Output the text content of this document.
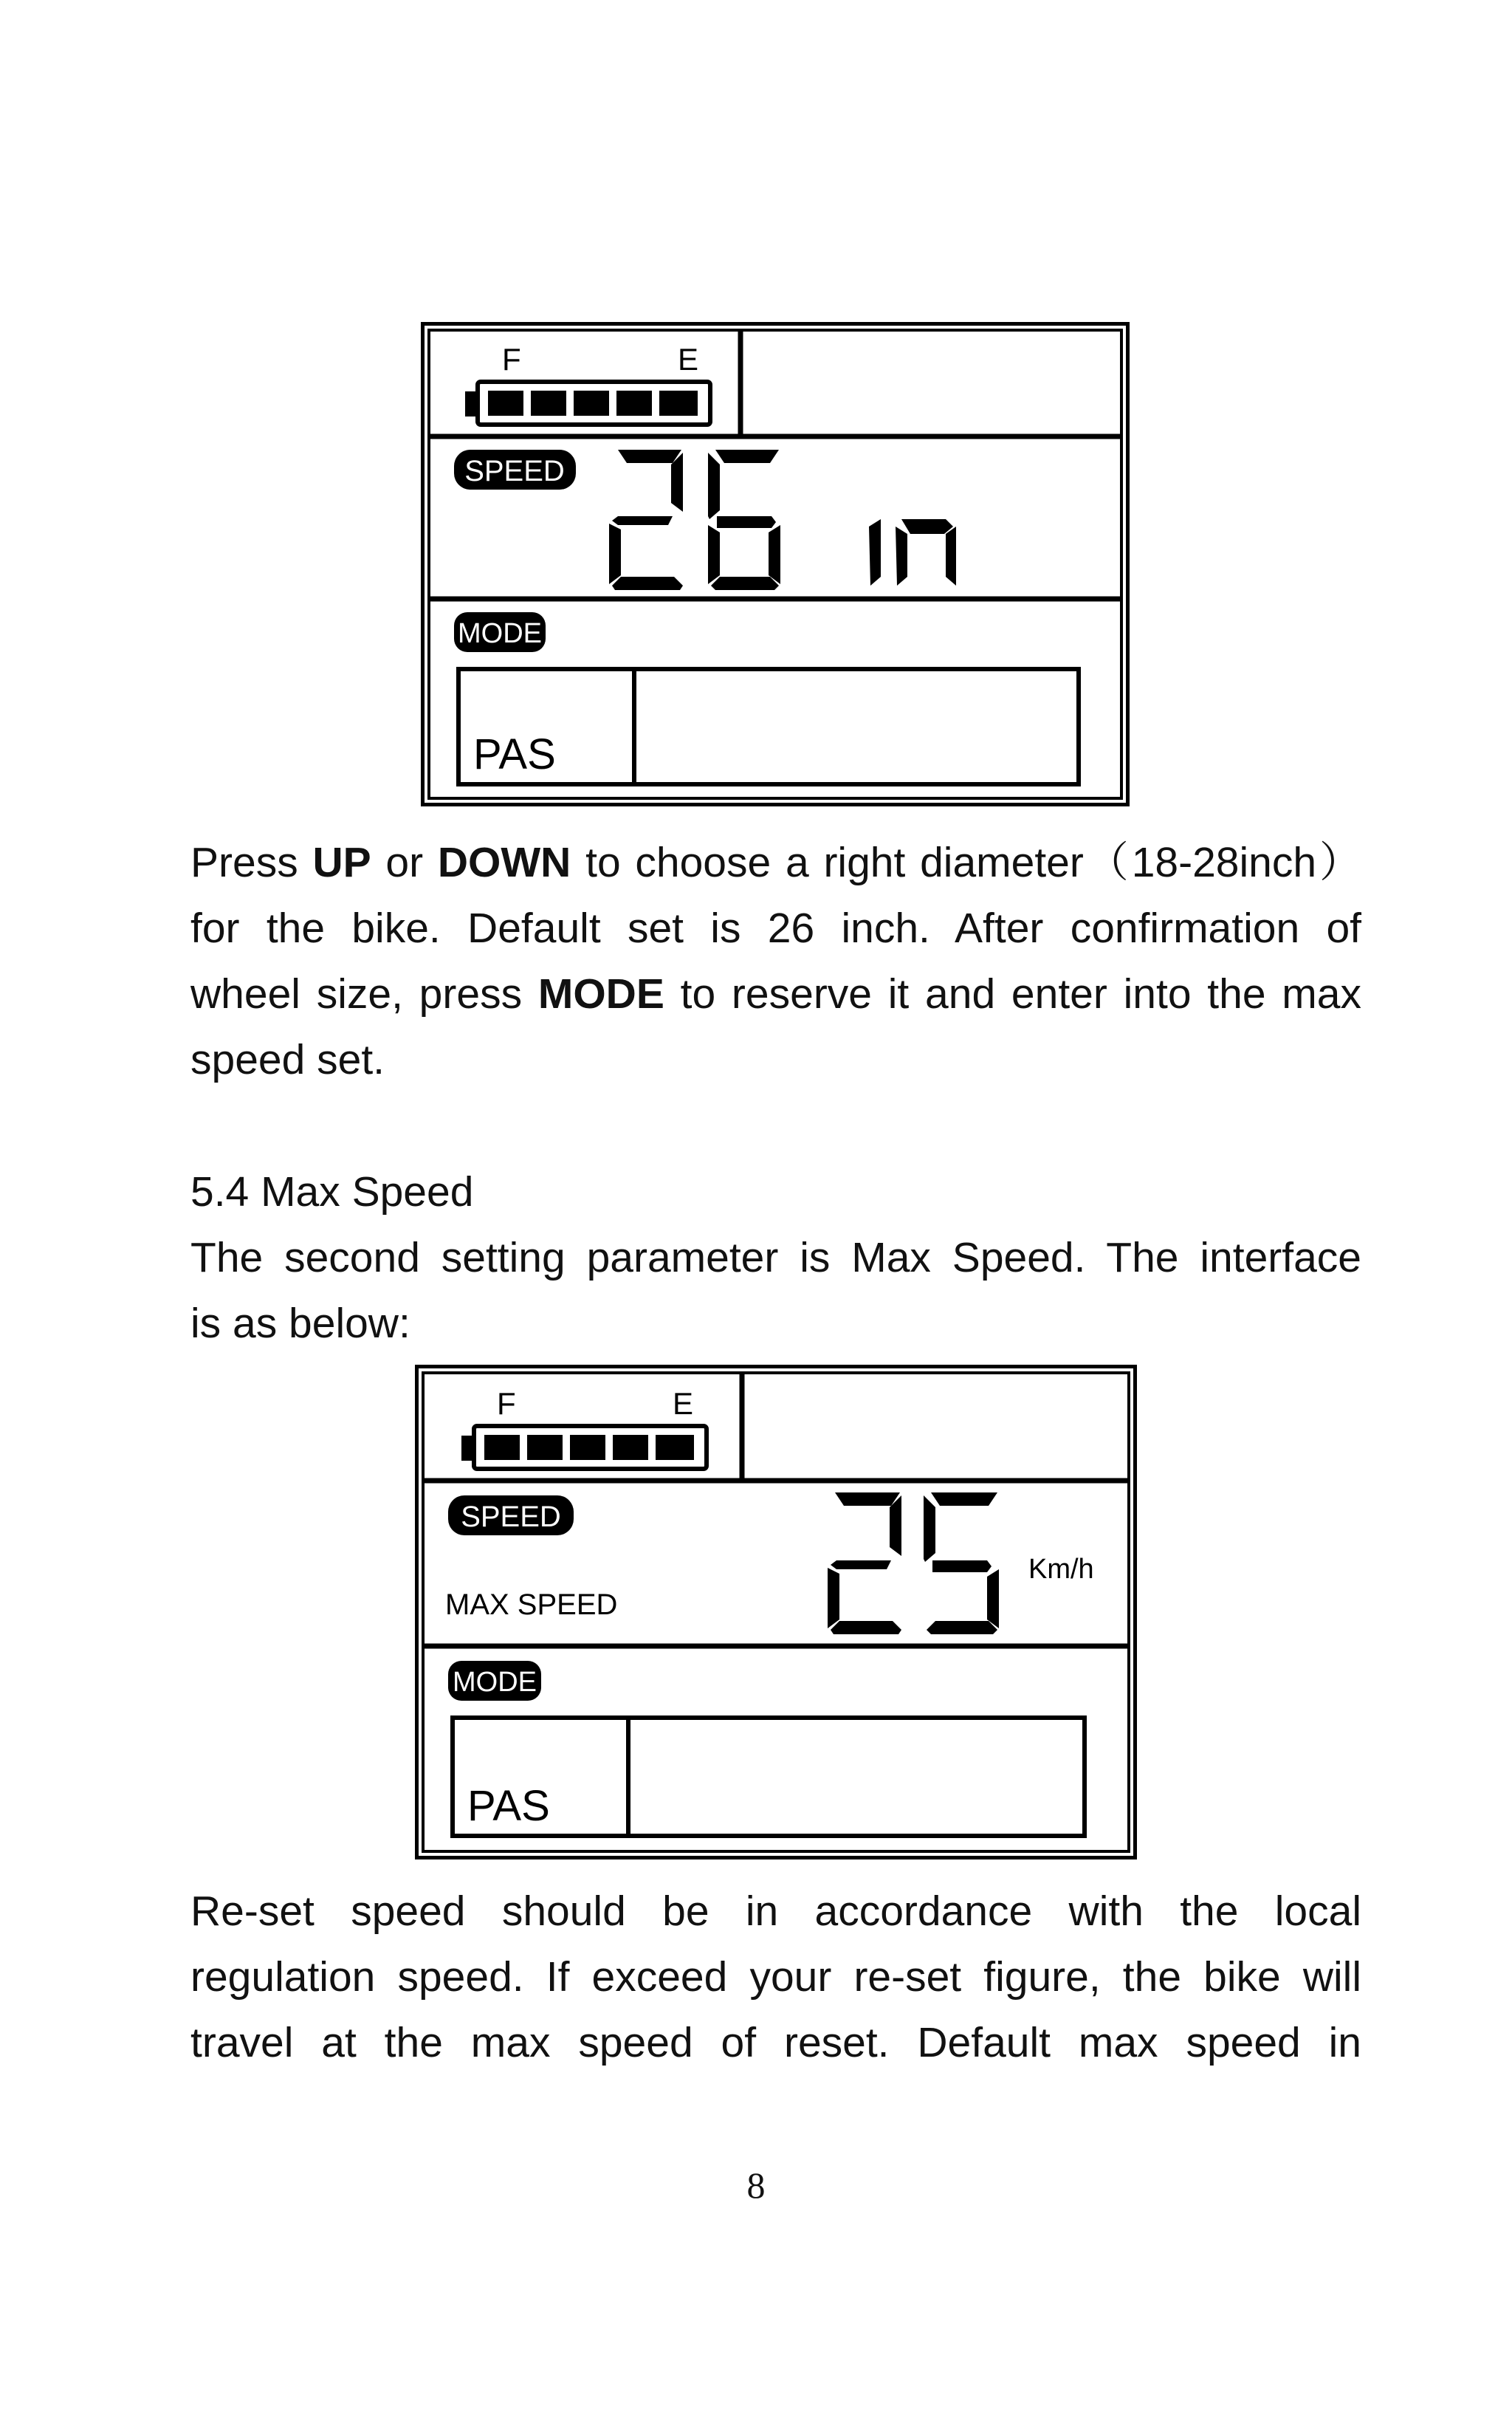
F	E
SPEED
MODE
PAS
Press UP or DOWN to choose a right diameter（18-28inch）
for the bike. Default set is 26 inch. After confirmation of
wheel size, press MODE to reserve it and enter into the max
speed set.
5.4 Max Speed
The second setting parameter is Max Speed. The interface
is as below:
F	E
SPEED
MAX SPEED
Km/h
MODE
PAS
Re-set speed should be in accordance with the local
regulation speed. If exceed your re-set figure, the bike will
travel at the max speed of reset. Default max speed in
8
